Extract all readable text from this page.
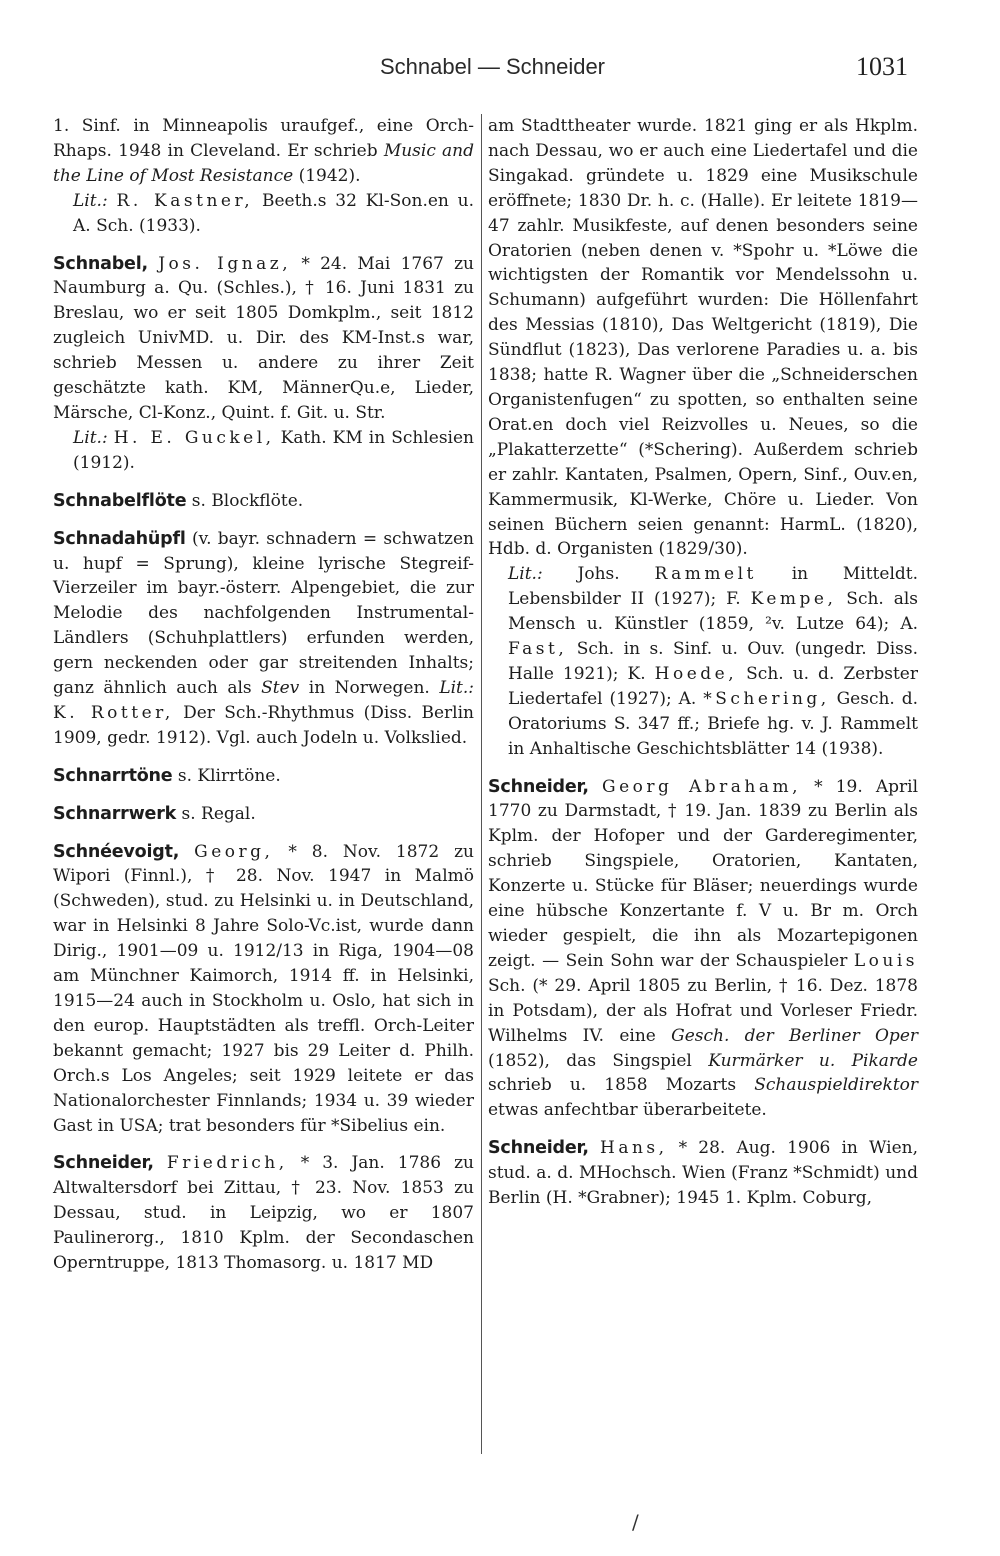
Schnabel — Schneider	1031

1. Sinf. in Minneapolis uraufgef., eine Orch-Rhaps. 1948 in Cleveland. Er schrieb Music and the Line of Most Resistance (1942).
Lit.: R. Kastner, Beeth.s 32 Kl-Son.en u. A. Sch. (1933).

Schnabel, Jos. Ignaz, * 24. Mai 1767 zu Naumburg a. Qu. (Schles.), † 16. Juni 1831 zu Breslau, wo er seit 1805 Domkplm., seit 1812 zugleich UnivMD. u. Dir. des KM-Inst.s war, schrieb Messen u. andere zu ihrer Zeit geschätzte kath. KM, MännerQu.e, Lieder, Märsche, Cl-Konz., Quint. f. Git. u. Str.
Lit.: H. E. Guckel, Kath. KM in Schlesien (1912).

Schnabelflöte s. Blockflöte.

Schnadahüpfl (v. bayr. schnadern = schwatzen u. hupf = Sprung), kleine lyrische Stegreif-Vierzeiler im bayr.-österr. Alpengebiet, die zur Melodie des nachfolgenden Instrumental-Ländlers (Schuhplattlers) erfunden werden, gern neckenden oder gar streitenden Inhalts; ganz ähnlich auch als Stev in Norwegen. Lit.: K. Rotter, Der Sch.-Rhythmus (Diss. Berlin 1909, gedr. 1912). Vgl. auch Jodeln u. Volkslied.

Schnarrtöne s. Klirrtöne.

Schnarrwerk s. Regal.

Schnéevoigt, Georg, * 8. Nov. 1872 zu Wipori (Finnl.), † 28. Nov. 1947 in Malmö (Schweden), stud. zu Helsinki u. in Deutschland, war in Helsinki 8 Jahre Solo-Vc.ist, wurde dann Dirig., 1901—09 u. 1912/13 in Riga, 1904—08 am Münchner Kaimorch, 1914 ff. in Helsinki, 1915—24 auch in Stockholm u. Oslo, hat sich in den europ. Hauptstädten als treffl. Orch-Leiter bekannt gemacht; 1927 bis 29 Leiter d. Philh. Orch.s Los Angeles; seit 1929 leitete er das Nationalorchester Finnlands; 1934 u. 39 wieder Gast in USA; trat besonders für *Sibelius ein.

Schneider, Friedrich, * 3. Jan. 1786 zu Altwaltersdorf bei Zittau, † 23. Nov. 1853 zu Dessau, stud. in Leipzig, wo er 1807 Paulinerorg., 1810 Kplm. der Secondaschen Operntruppe, 1813 Thomasorg. u. 1817 MD

am Stadttheater wurde. 1821 ging er als Hkplm. nach Dessau, wo er auch eine Liedertafel und die Singakad. gründete u. 1829 eine Musikschule eröffnete; 1830 Dr. h. c. (Halle). Er leitete 1819—47 zahlr. Musikfeste, auf denen besonders seine Oratorien (neben denen v. *Spohr u. *Löwe die wichtigsten der Romantik vor Mendelssohn u. Schumann) aufgeführt wurden: Die Höllenfahrt des Messias (1810), Das Weltgericht (1819), Die Sündflut (1823), Das verlorene Paradies u. a. bis 1838; hatte R. Wagner über die „Schneiderschen Organistenfugen“ zu spotten, so enthalten seine Orat.en doch viel Reizvolles u. Neues, so die „Plakatterzette“ (*Schering). Außerdem schrieb er zahlr. Kantaten, Psalmen, Opern, Sinf., Ouv.en, Kammermusik, Kl-Werke, Chöre u. Lieder. Von seinen Büchern seien genannt: HarmL. (1820), Hdb. d. Organisten (1829/30).
Lit.: Johs. Rammelt in Mitteldt. Lebensbilder II (1927); F. Kempe, Sch. als Mensch u. Künstler (1859, ²v. Lutze 64); A. Fast, Sch. in s. Sinf. u. Ouv. (ungedr. Diss. Halle 1921); K. Hoede, Sch. u. d. Zerbster Liedertafel (1927); A. *Schering, Gesch. d. Oratoriums S. 347 ff.; Briefe hg. v. J. Rammelt in Anhaltische Geschichtsblätter 14 (1938).

Schneider, Georg Abraham, * 19. April 1770 zu Darmstadt, † 19. Jan. 1839 zu Berlin als Kplm. der Hofoper und der Garderegimenter, schrieb Singspiele, Oratorien, Kantaten, Konzerte u. Stücke für Bläser; neuerdings wurde eine hübsche Konzertante f. V u. Br m. Orch wieder gespielt, die ihn als Mozartepigonen zeigt. — Sein Sohn war der Schauspieler Louis Sch. (* 29. April 1805 zu Berlin, † 16. Dez. 1878 in Potsdam), der als Hofrat und Vorleser Friedr. Wilhelms IV. eine Gesch. der Berliner Oper (1852), das Singspiel Kurmärker u. Pikarde schrieb u. 1858 Mozarts Schauspieldirektor etwas anfechtbar überarbeitete.

Schneider, Hans, * 28. Aug. 1906 in Wien, stud. a. d. MHochsch. Wien (Franz *Schmidt) und Berlin (H. *Grabner); 1945 1. Kplm. Coburg,

/
